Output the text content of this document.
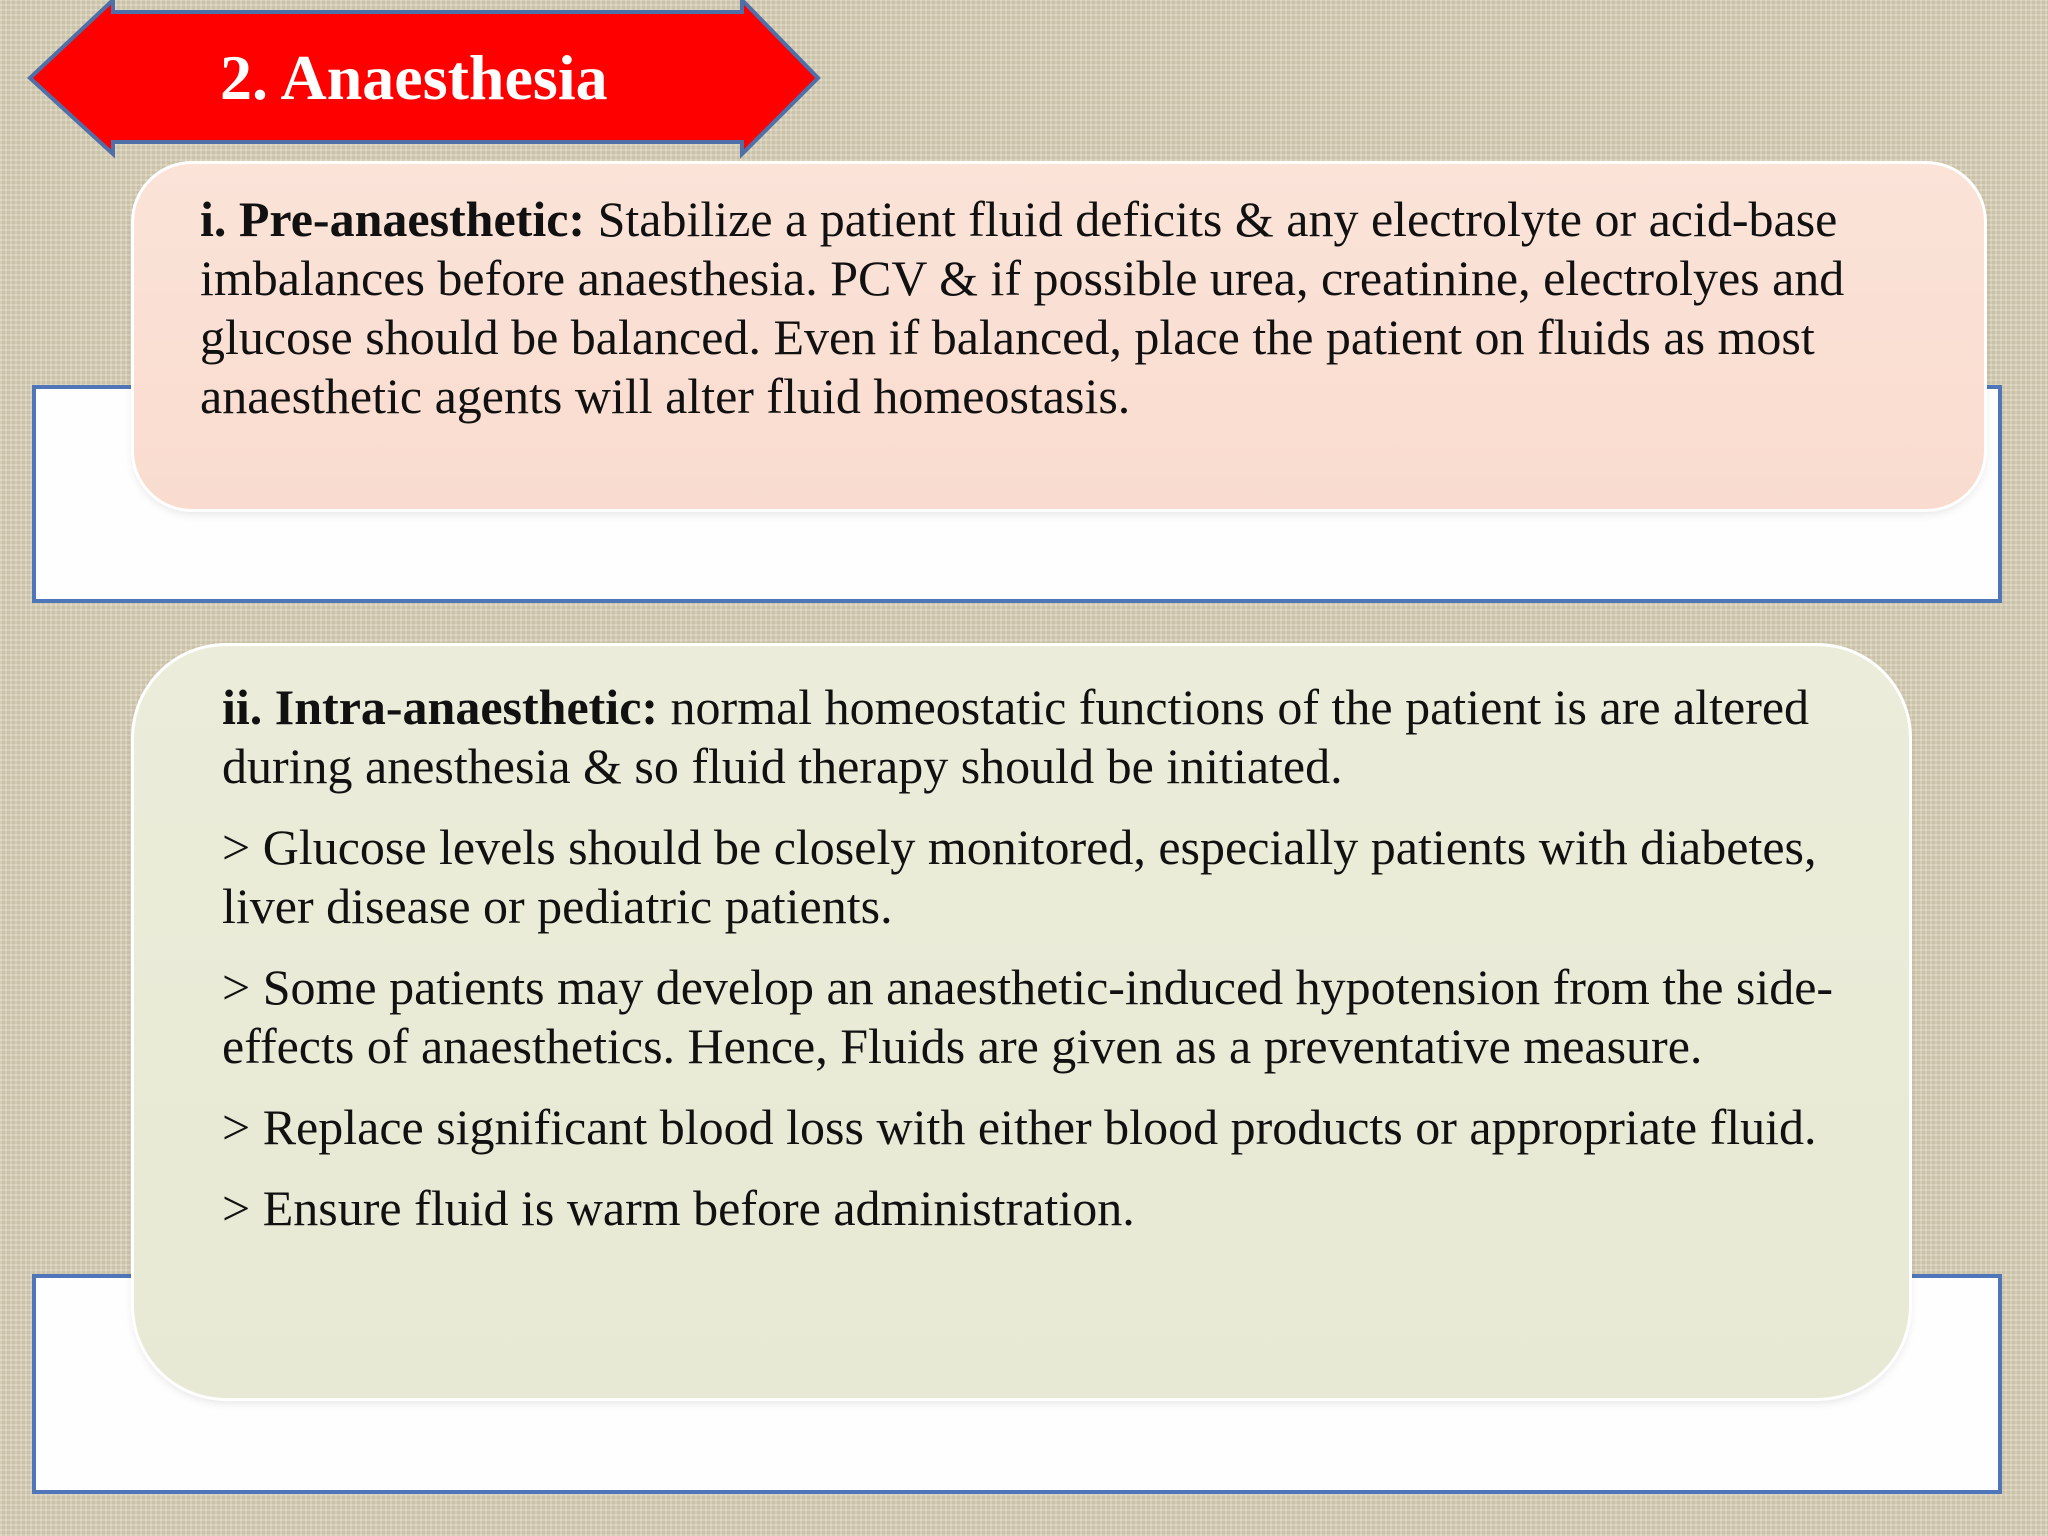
2. Anaesthesia

i. Pre-anaesthetic: Stabilize a patient fluid deficits & any electrolyte or acid-base imbalances before anaesthesia. PCV & if possible urea, creatinine, electrolyes and glucose should be balanced. Even if balanced, place the patient on fluids as most anaesthetic agents will alter fluid homeostasis.

ii. Intra-anaesthetic: normal homeostatic functions of the patient is are altered during anesthesia & so fluid therapy should be initiated.

> Glucose levels should be closely monitored, especially patients with diabetes, liver disease or pediatric patients.

> Some patients may develop an anaesthetic-induced hypotension from the side-effects of anaesthetics. Hence, Fluids are given as a preventative measure.

> Replace significant blood loss with either blood products or appropriate fluid.

> Ensure fluid is warm before administration.
